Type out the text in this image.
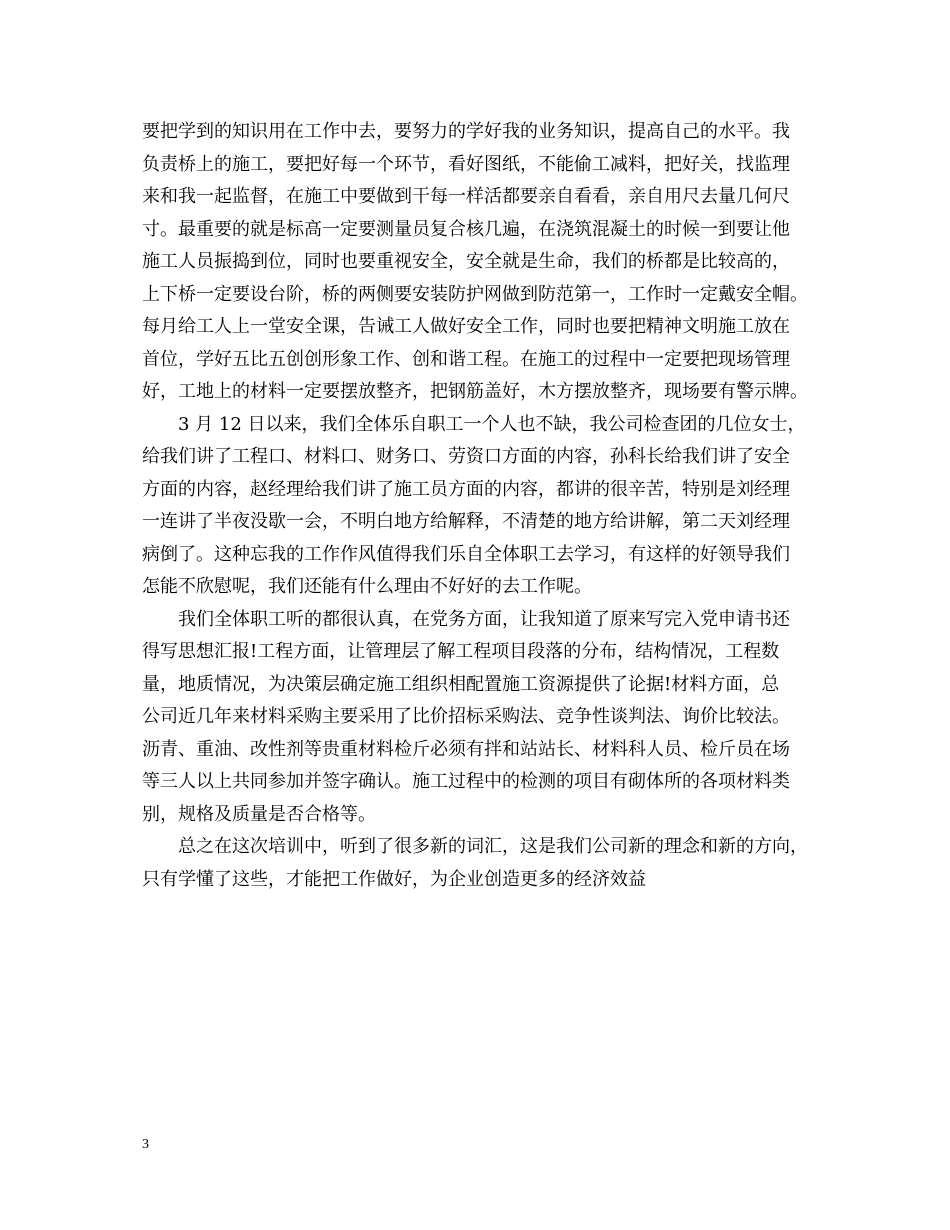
要把学到的知识用在工作中去，要努力的学好我的业务知识，提高自己的水平。我
负责桥上的施工，要把好每一个环节，看好图纸，不能偷工减料，把好关，找监理
来和我一起监督，在施工中要做到干每一样活都要亲自看看，亲自用尺去量几何尺
寸。最重要的就是标高一定要测量员复合核几遍，在浇筑混凝土的时候一到要让他
施工人员振捣到位，同时也要重视安全，安全就是生命，我们的桥都是比较高的，
上下桥一定要设台阶，桥的两侧要安装防护网做到防范第一，工作时一定戴安全帽。
每月给工人上一堂安全课，告诫工人做好安全工作，同时也要把精神文明施工放在
首位，学好五比五创创形象工作、创和谐工程。在施工的过程中一定要把现场管理
好，工地上的材料一定要摆放整齐，把钢筋盖好，木方摆放整齐，现场要有警示牌。
3 月 12 日以来，我们全体乐自职工一个人也不缺，我公司检查团的几位女士，
给我们讲了工程口、材料口、财务口、劳资口方面的内容，孙科长给我们讲了安全
方面的内容，赵经理给我们讲了施工员方面的内容，都讲的很辛苦，特别是刘经理
一连讲了半夜没歇一会，不明白地方给解释，不清楚的地方给讲解，第二天刘经理
病倒了。这种忘我的工作作风值得我们乐自全体职工去学习，有这样的好领导我们
怎能不欣慰呢，我们还能有什么理由不好好的去工作呢。
我们全体职工听的都很认真，在党务方面，让我知道了原来写完入党申请书还
得写思想汇报!工程方面，让管理层了解工程项目段落的分布，结构情况，工程数
量，地质情况，为决策层确定施工组织相配置施工资源提供了论据!材料方面，总
公司近几年来材料采购主要采用了比价招标采购法、竞争性谈判法、询价比较法。
沥青、重油、改性剂等贵重材料检斤必须有拌和站站长、材料科人员、检斤员在场
等三人以上共同参加并签字确认。施工过程中的检测的项目有砌体所的各项材料类
别，规格及质量是否合格等。
总之在这次培训中，听到了很多新的词汇，这是我们公司新的理念和新的方向，
只有学懂了这些，才能把工作做好，为企业创造更多的经济效益
3
